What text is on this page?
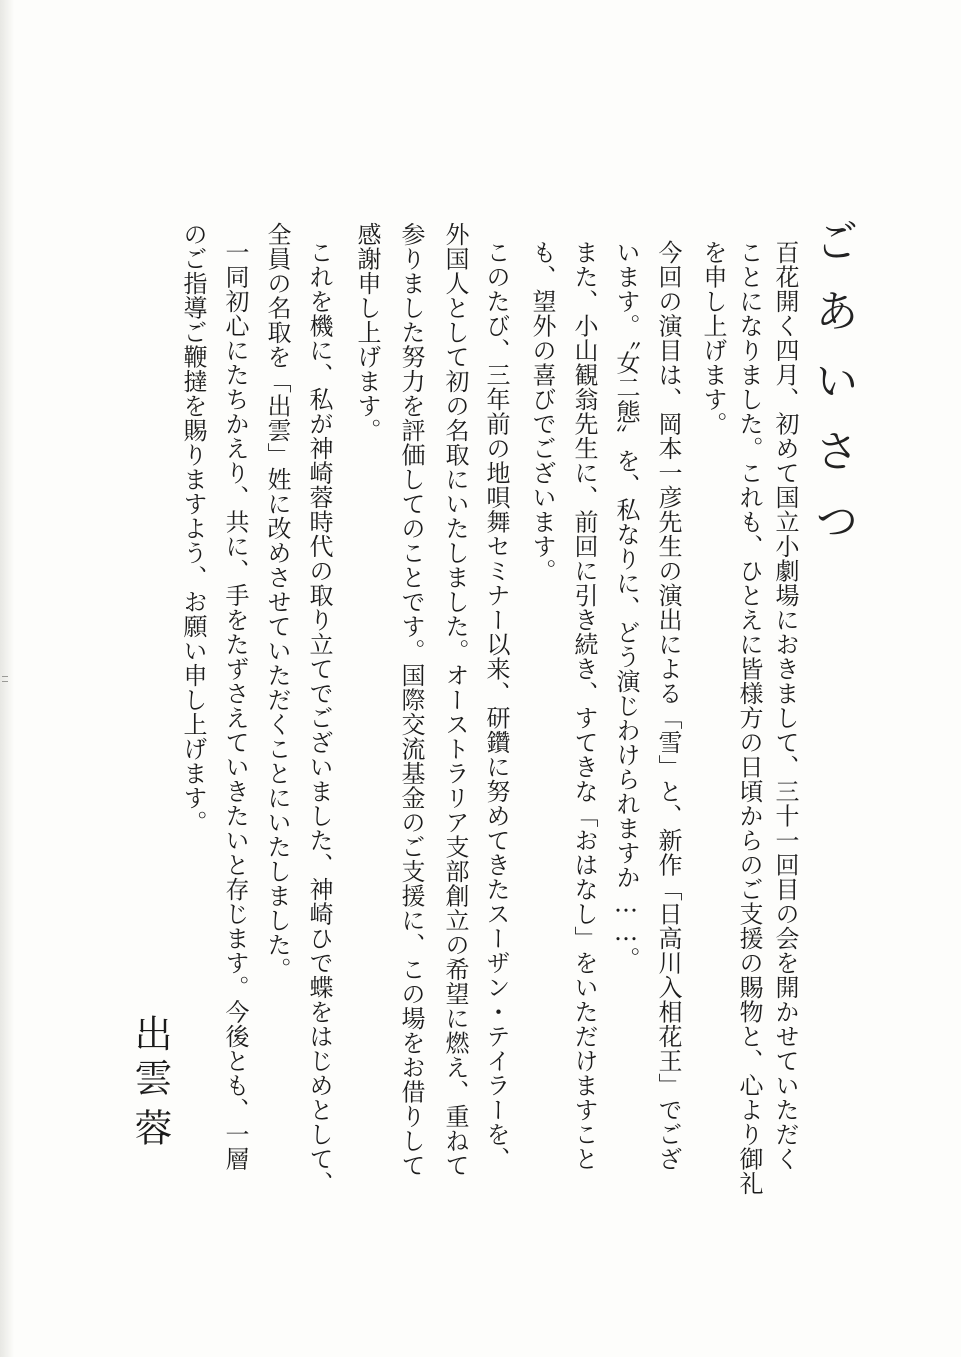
ごあいさつ
百花開く四月、初めて国立小劇場におきまして、三十一回目の会を開かせていただく
ことになりました。これも、ひとえに皆様方の日頃からのご支援の賜物と、心より御礼
を申し上げます。
今回の演目は、岡本一彦先生の演出による「雪」と、新作「日高川入相花王」でござ
います。〝女二態〟を、私なりに、どう演じわけられますか……。
また、小山観翁先生に、前回に引き続き、すてきな「おはなし」をいただけますこと
も、望外の喜びでございます。
このたび、三年前の地唄舞セミナー以来、研鑽に努めてきたスーザン・テイラーを、
外国人として初の名取にいたしました。オーストラリア支部創立の希望に燃え、重ねて
参りました努力を評価してのことです。国際交流基金のご支援に、この場をお借りして
感謝申し上げます。
これを機に、私が神崎蓉時代の取り立てでございました、神崎ひで蝶をはじめとして、
全員の名取を「出雲」姓に改めさせていただくことにいたしました。
一同初心にたちかえり、共に、手をたずさえていきたいと存じます。今後とも、一層
のご指導ご鞭撻を賜りますよう、お願い申し上げます。
出雲
蓉
